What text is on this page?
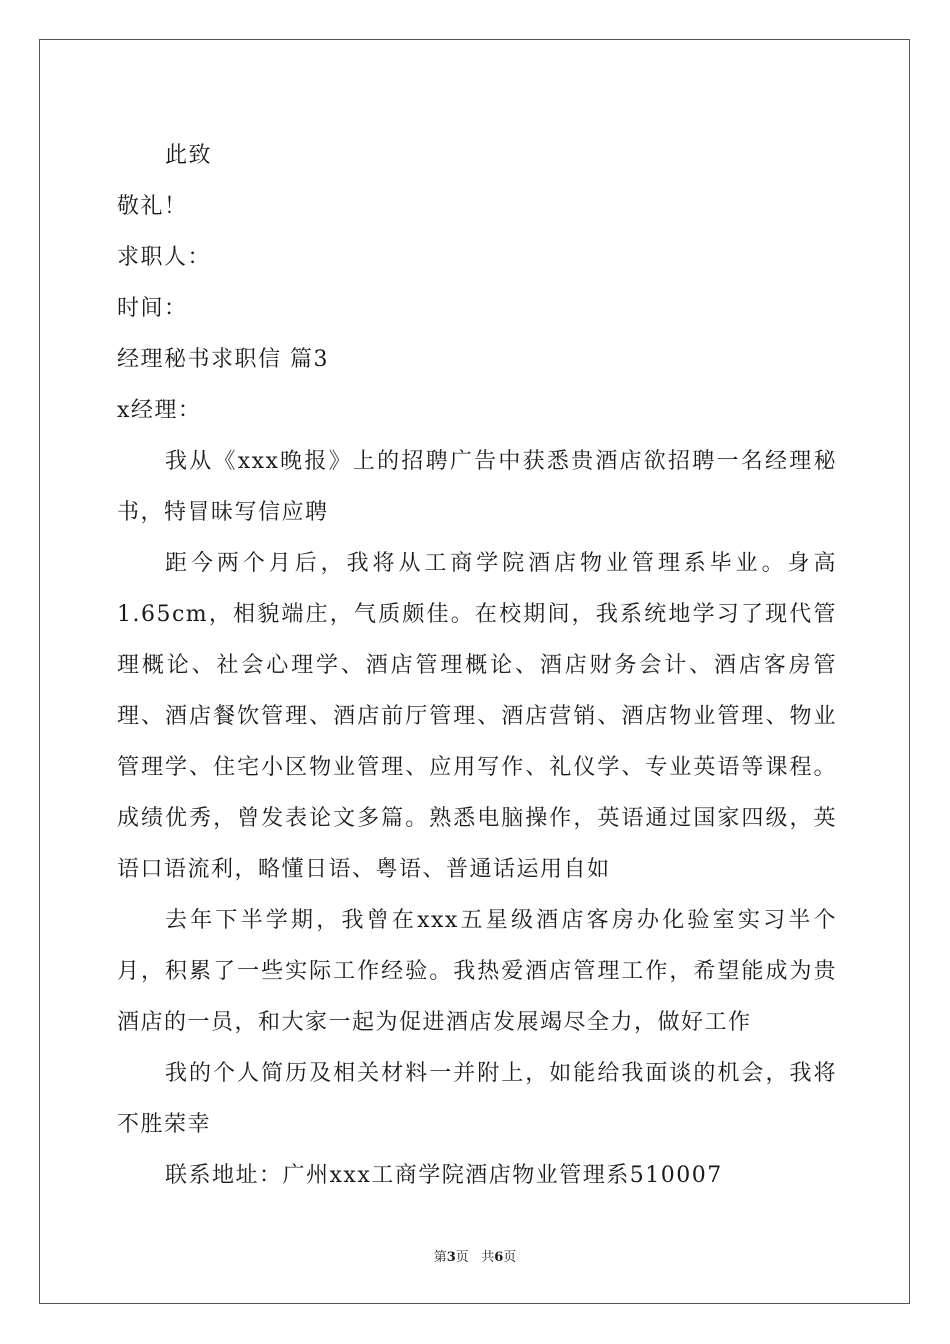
此致
敬礼！
求职人：
时间：
经理秘书求职信 篇3
x经理：
我从《xxx晚报》上的招聘广告中获悉贵酒店欲招聘一名经理秘书，特冒昧写信应聘
距今两个月后，我将从工商学院酒店物业管理系毕业。身高1.65cm，相貌端庄，气质颇佳。在校期间，我系统地学习了现代管理概论、社会心理学、酒店管理概论、酒店财务会计、酒店客房管理、酒店餐饮管理、酒店前厅管理、酒店营销、酒店物业管理、物业管理学、住宅小区物业管理、应用写作、礼仪学、专业英语等课程。成绩优秀，曾发表论文多篇。熟悉电脑操作，英语通过国家四级，英语口语流利，略懂日语、粤语、普通话运用自如
去年下半学期，我曾在xxx五星级酒店客房办化验室实习半个月，积累了一些实际工作经验。我热爱酒店管理工作，希望能成为贵酒店的一员，和大家一起为促进酒店发展竭尽全力，做好工作
我的个人简历及相关材料一并附上，如能给我面谈的机会，我将不胜荣幸
联系地址：广州xxx工商学院酒店物业管理系510007
第3页 共6页
